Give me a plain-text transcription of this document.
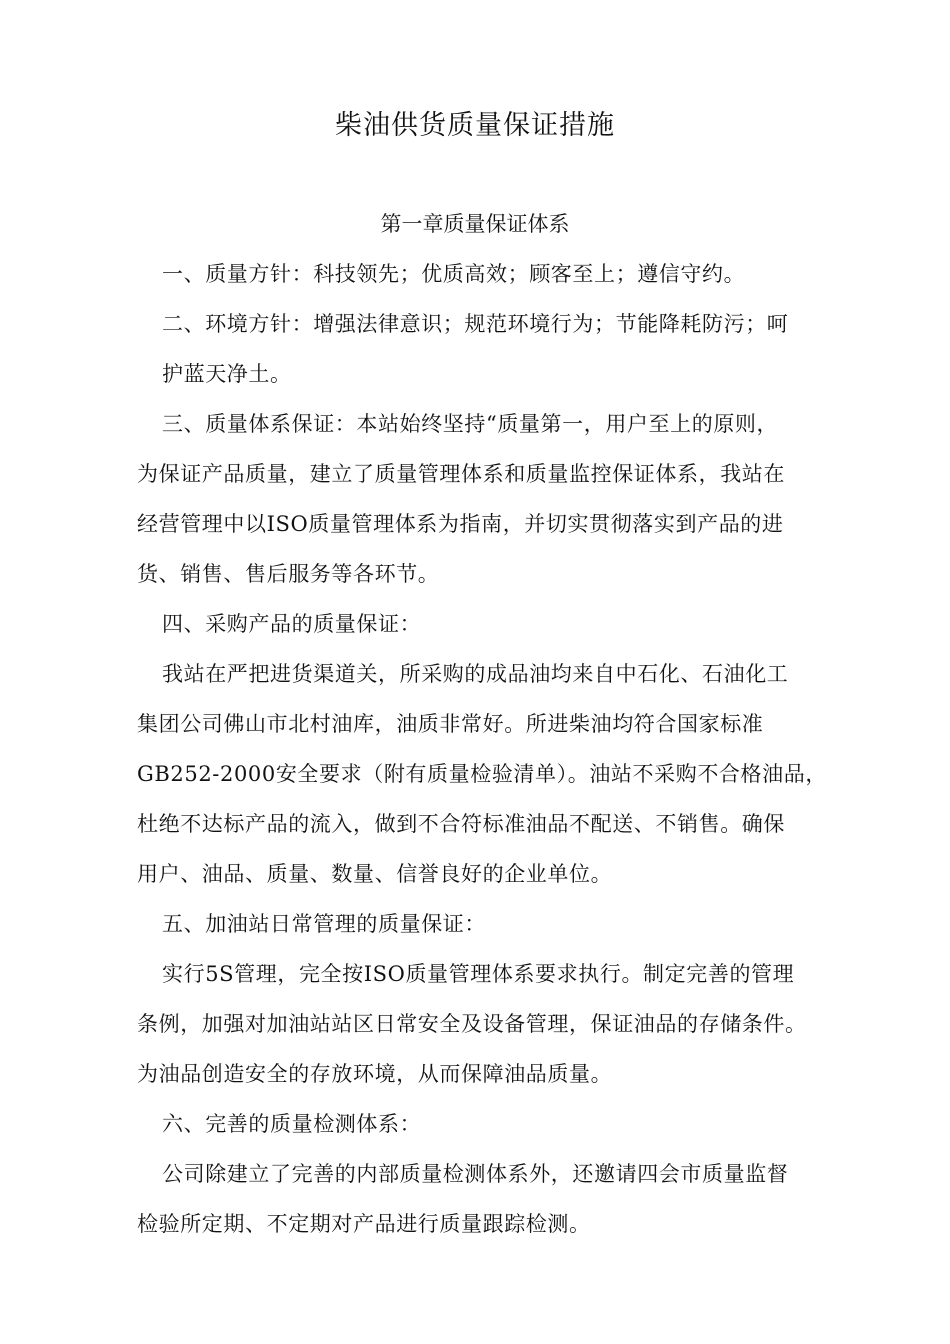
柴油供货质量保证措施
第一章质量保证体系
一、质量方针：科技领先；优质高效；顾客至上；遵信守约。
二、环境方针：增强法律意识；规范环境行为；节能降耗防污；呵
护蓝天净土。
三、质量体系保证：本站始终坚持“质量第一，用户至上的原则，
为保证产品质量，建立了质量管理体系和质量监控保证体系，我站在
经营管理中以ISO质量管理体系为指南，并切实贯彻落实到产品的进
货、销售、售后服务等各环节。
四、采购产品的质量保证：
我站在严把进货渠道关，所采购的成品油均来自中石化、石油化工
集团公司佛山市北村油库，油质非常好。所进柴油均符合国家标准
GB252-2000安全要求（附有质量检验清单）。油站不采购不合格油品，
杜绝不达标产品的流入，做到不合符标准油品不配送、不销售。确保
用户、油品、质量、数量、信誉良好的企业单位。
五、加油站日常管理的质量保证：
实行5S管理，完全按ISO质量管理体系要求执行。制定完善的管理
条例，加强对加油站站区日常安全及设备管理，保证油品的存储条件。
为油品创造安全的存放环境，从而保障油品质量。
六、完善的质量检测体系：
公司除建立了完善的内部质量检测体系外，还邀请四会市质量监督
检验所定期、不定期对产品进行质量跟踪检测。
